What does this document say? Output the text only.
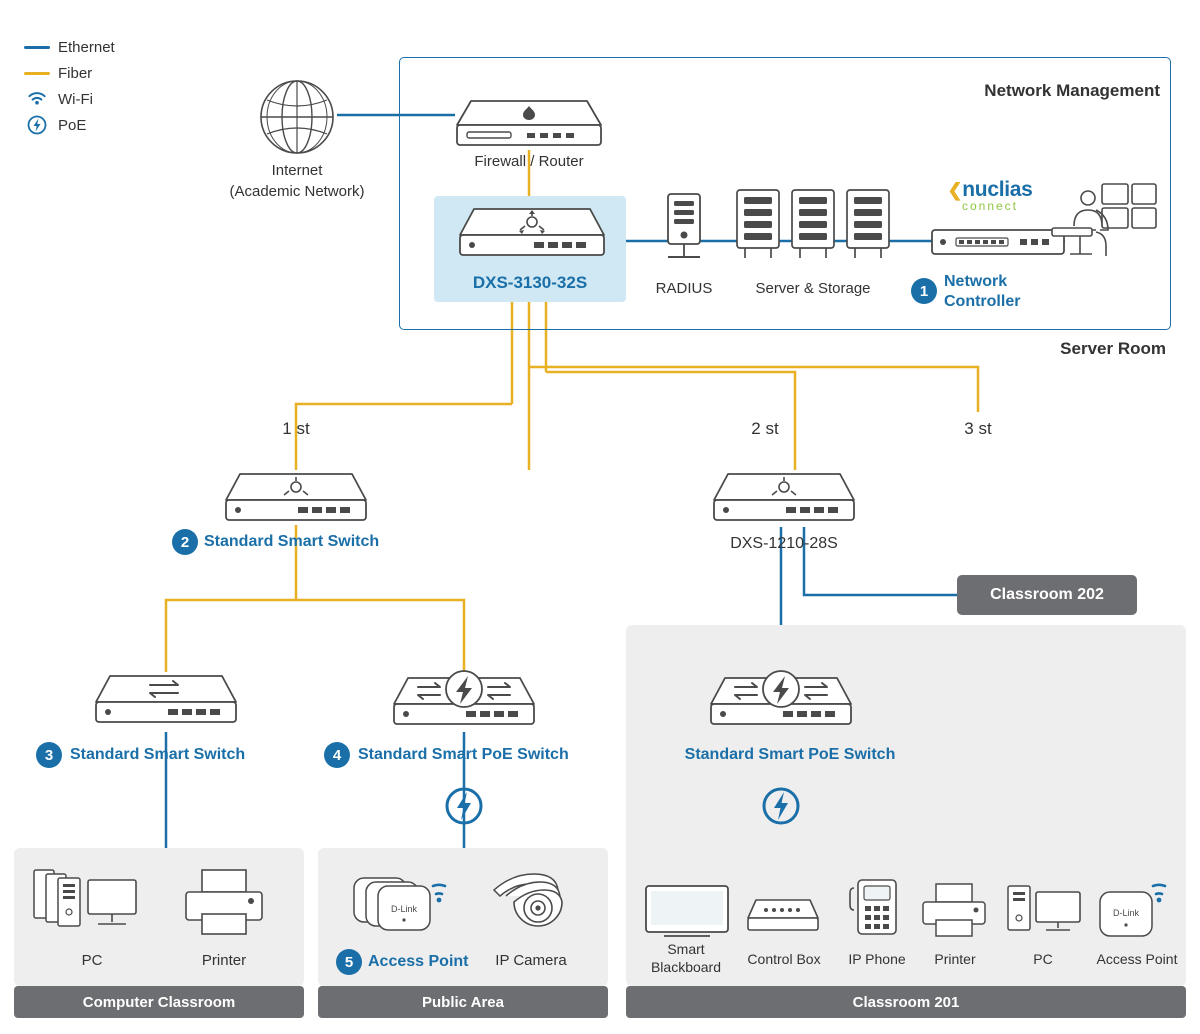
Computer Classroom	Public Area	Classroom 201
Classroom 202
Ethernet
Fiber
Wi-Fi
PoE
Network Management
Server Room
Internet
(Academic Network)
Firewall / Router
DXS-3130-32S	RADIUS	Server & Storage
❮nuclias
connect
1
Network
Controller
1 st	2 st	3 st
2 Standard Smart Switch	DXS-1210-28S
3	Standard Smart Switch	4	Standard Smart PoE Switch	Standard Smart PoE Switch
PC	Printer
D-Link
5 Access Point	IP Camera
Smart
Blackboard	Control Box	IP Phone	Printer	PC
D-Link
Access Point
